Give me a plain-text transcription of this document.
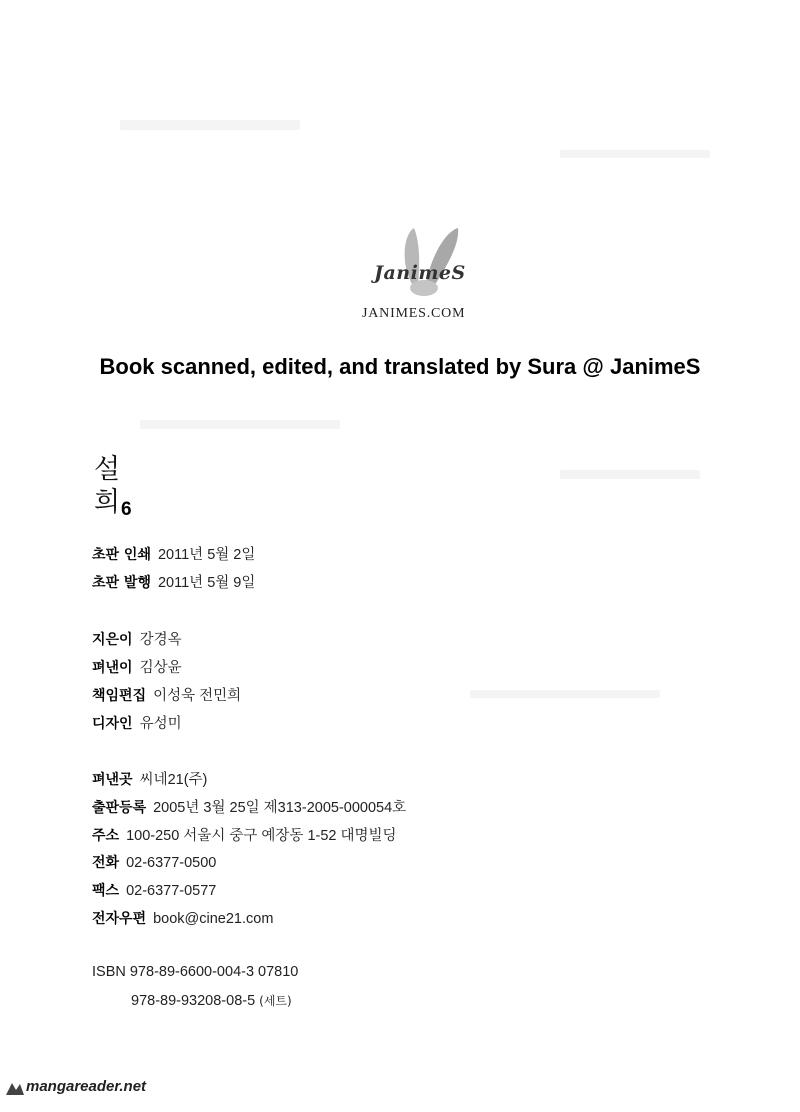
JanimeS
JANIMES.COM
Book scanned, edited, and translated by Sura @ JanimeS
설
희 6
초판 인쇄 2011년 5월 2일
초판 발행 2011년 5월 9일
지은이 강경옥
펴낸이 김상윤
책임편집 이성욱 전민희
디자인 유성미
펴낸곳 씨네21(주)
출판등록 2005년 3월 25일 제313-2005-000054호
주소 100-250 서울시 중구 예장동 1-52 대명빌딩
전화 02-6377-0500
팩스 02-6377-0577
전자우편 book@cine21.com
ISBN 978-89-6600-004-3 07810
978-89-93208-08-5 (세트)
mangareader.net
